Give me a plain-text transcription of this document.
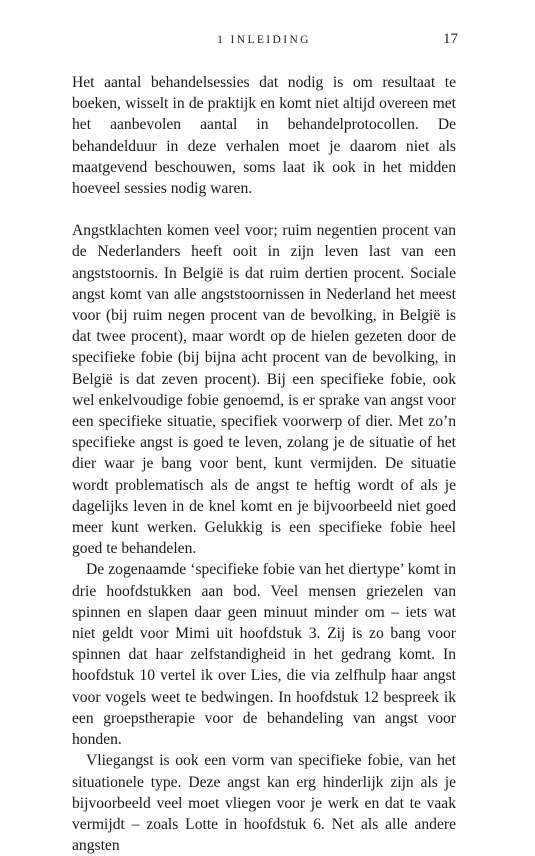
1 INLEIDING	17

Het aantal behandelsessies dat nodig is om resultaat te boeken, wisselt in de praktijk en komt niet altijd overeen met het aanbevolen aantal in behandelprotocollen. De behandelduur in deze verhalen moet je daarom niet als maatgevend beschouwen, soms laat ik ook in het midden hoeveel sessies nodig waren.

Angstklachten komen veel voor; ruim negentien procent van de Nederlanders heeft ooit in zijn leven last van een angststoornis. In België is dat ruim dertien procent. Sociale angst komt van alle angststoornissen in Nederland het meest voor (bij ruim negen procent van de bevolking, in België is dat twee procent), maar wordt op de hielen gezeten door de specifieke fobie (bij bijna acht procent van de bevolking, in België is dat zeven procent). Bij een specifieke fobie, ook wel enkelvoudige fobie genoemd, is er sprake van angst voor een specifieke situatie, specifiek voorwerp of dier. Met zo’n specifieke angst is goed te leven, zolang je de situatie of het dier waar je bang voor bent, kunt vermijden. De situatie wordt problematisch als de angst te heftig wordt of als je dagelijks leven in de knel komt en je bijvoorbeeld niet goed meer kunt werken. Gelukkig is een specifieke fobie heel goed te behandelen.

De zogenaamde ‘specifieke fobie van het diertype’ komt in drie hoofdstukken aan bod. Veel mensen griezelen van spinnen en slapen daar geen minuut minder om – iets wat niet geldt voor Mimi uit hoofdstuk 3. Zij is zo bang voor spinnen dat haar zelfstandigheid in het gedrang komt. In hoofdstuk 10 vertel ik over Lies, die via zelfhulp haar angst voor vogels weet te bedwingen. In hoofdstuk 12 bespreek ik een groepstherapie voor de behandeling van angst voor honden.

Vliegangst is ook een vorm van specifieke fobie, van het situationele type. Deze angst kan erg hinderlijk zijn als je bijvoorbeeld veel moet vliegen voor je werk en dat te vaak vermijdt – zoals Lotte in hoofdstuk 6. Net als alle andere angsten
